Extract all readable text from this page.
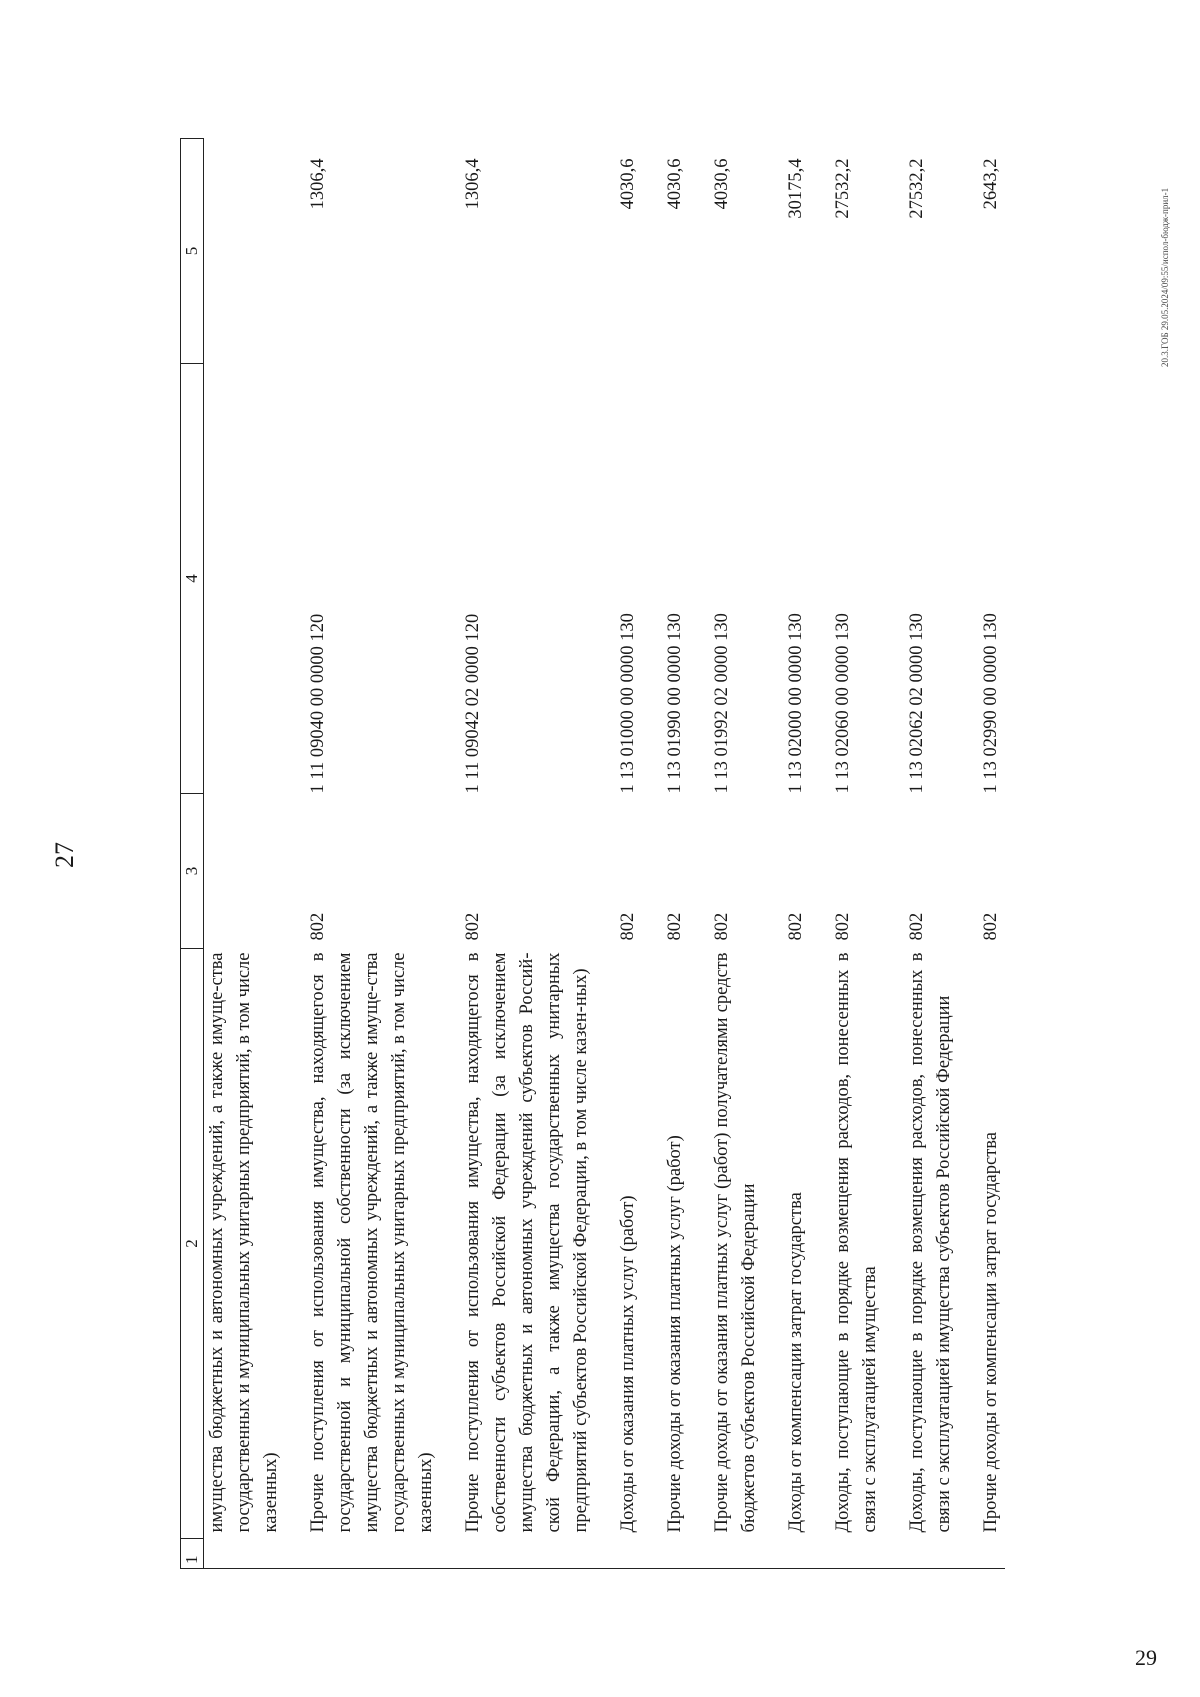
27
1	2	3	4	5
	имущества бюджетных и автономных учреждений, а также имуще-ства государственных и муниципальных унитарных предприятий, в том числе казенных)			
	Прочие поступления от использования имущества, находящегося в государственной и муниципальной собственности (за исключением имущества бюджетных и автономных учреждений, а также имуще-ства государственных и муниципальных унитарных предприятий, в том числе казенных)	802	1 11 09040 00 0000 120	1306,4
	Прочие поступления от использования имущества, находящегося в собственности субъектов Российской Федерации (за исключением имущества бюджетных и автономных учреждений субъектов Россий-ской Федерации, а также имущества государственных унитарных предприятий субъектов Российской Федерации, в том числе казен-ных)	802	1 11 09042 02 0000 120	1306,4
	Доходы от оказания платных услуг (работ)	802	1 13 01000 00 0000 130	4030,6
	Прочие доходы от оказания платных услуг (работ)	802	1 13 01990 00 0000 130	4030,6
	Прочие доходы от оказания платных услуг (работ) получателями средств бюджетов субъектов Российской Федерации	802	1 13 01992 02 0000 130	4030,6
	Доходы от компенсации затрат государства	802	1 13 02000 00 0000 130	30175,4
	Доходы, поступающие в порядке возмещения расходов, понесенных в связи с эксплуатацией имущества	802	1 13 02060 00 0000 130	27532,2
	Доходы, поступающие в порядке возмещения расходов, понесенных в связи с эксплуатацией имущества субъектов Российской Федерации	802	1 13 02062 02 0000 130	27532,2
	Прочие доходы от компенсации затрат государства	802	1 13 02990 00 0000 130	2643,2
20.3.ГОБ 29.05.2024/09:55/испол-бюдж-прил-1
29
